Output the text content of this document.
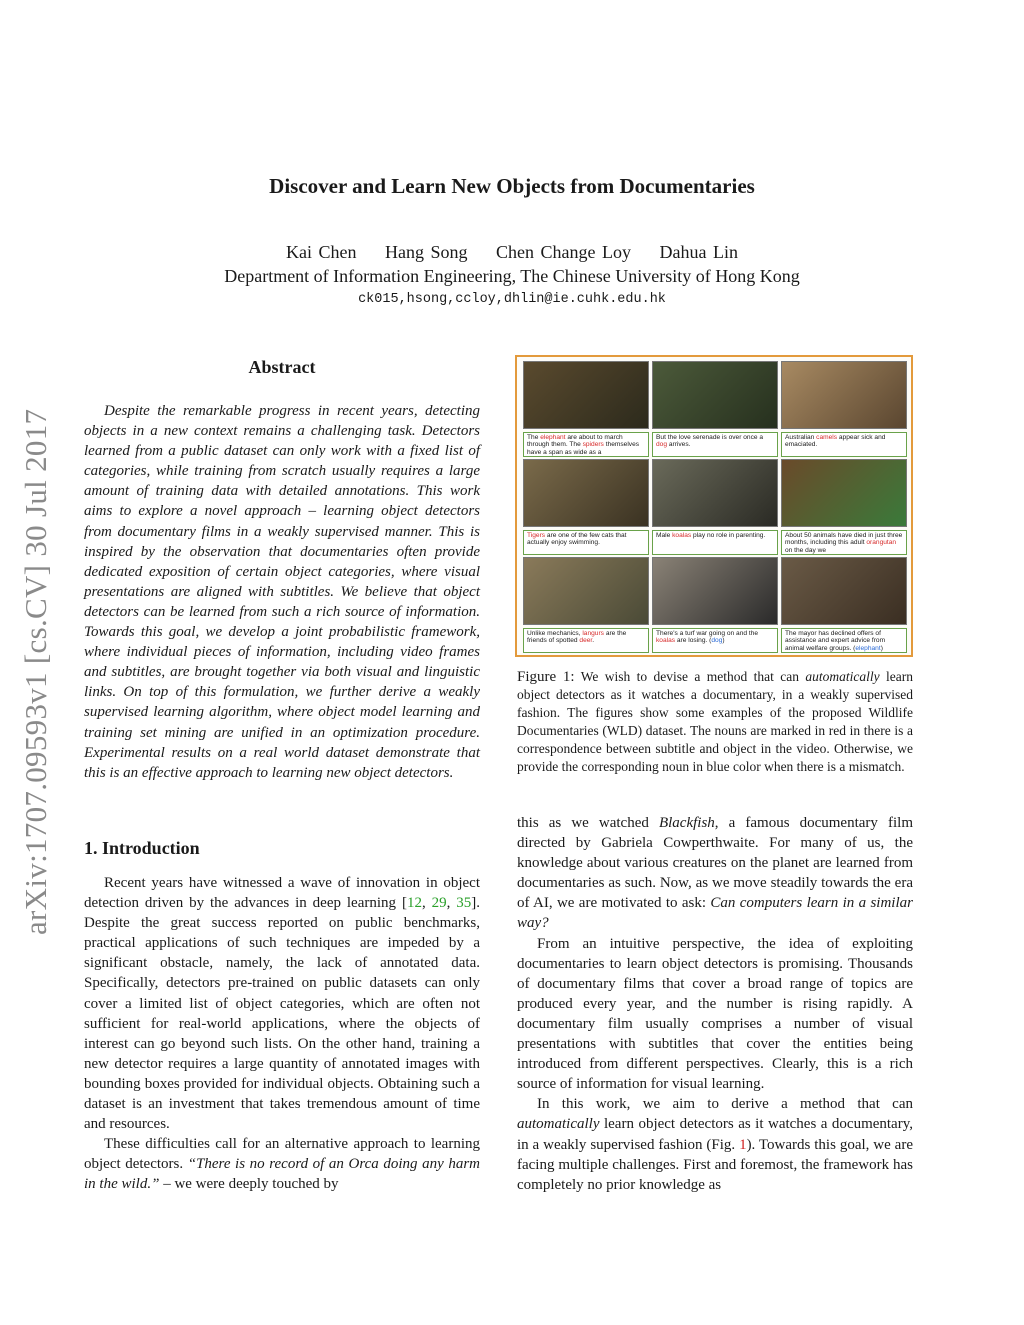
arXiv:1707.09593v1 [cs.CV] 30 Jul 2017
Discover and Learn New Objects from Documentaries
Kai Chen Hang Song Chen Change Loy Dahua Lin
Department of Information Engineering, The Chinese University of Hong Kong
ck015,hsong,ccloy,dhlin@ie.cuhk.edu.hk
Abstract

Despite the remarkable progress in recent years, detecting objects in a new context remains a challenging task. Detectors learned from a public dataset can only work with a fixed list of categories, while training from scratch usually requires a large amount of training data with detailed annotations. This work aims to explore a novel approach – learning object detectors from documentary films in a weakly supervised manner. This is inspired by the observation that documentaries often provide dedicated exposition of certain object categories, where visual presentations are aligned with subtitles. We believe that object detectors can be learned from such a rich source of information. Towards this goal, we develop a joint probabilistic framework, where individual pieces of information, including video frames and subtitles, are brought together via both visual and linguistic links. On top of this formulation, we further derive a weakly supervised learning algorithm, where object model learning and training set mining are unified in an optimization procedure. Experimental results on a real world dataset demonstrate that this is an effective approach to learning new object detectors.

1. Introduction

Recent years have witnessed a wave of innovation in object detection driven by the advances in deep learning [12, 29, 35]. Despite the great success reported on public benchmarks, practical applications of such techniques are impeded by a significant obstacle, namely, the lack of annotated data. Specifically, detectors pre-trained on public datasets can only cover a limited list of object categories, which are often not sufficient for real-world applications, where the objects of interest can go beyond such lists. On the other hand, training a new detector requires a large quantity of annotated images with bounding boxes provided for individual objects. Obtaining such a dataset is an investment that takes tremendous amount of time and resources.

These difficulties call for an alternative approach to learning object detectors. “There is no record of an Orca doing any harm in the wild.” – we were deeply touched by

The elephant are about to march through them. The spiders themselves have a span as wide as a
But the love serenade is over once a dog arrives.
Australian camels appear sick and emaciated.
Tigers are one of the few cats that actually enjoy swimming.
Male koalas play no role in parenting.	About 50 animals have died in just three months, including this adult orangutan on the day we
Unlike mechanics, langurs are the friends of spotted deer.
There's a turf war going on and the koalas are losing. (dog)
The mayor has declined offers of assistance and expert advice from animal welfare groups. (elephant)

Figure 1: We wish to devise a method that can automatically learn object detectors as it watches a documentary, in a weakly supervised fashion. The figures show some examples of the proposed Wildlife Documentaries (WLD) dataset. The nouns are marked in red in there is a correspondence between subtitle and object in the video. Otherwise, we provide the corresponding noun in blue color when there is a mismatch.

this as we watched Blackfish, a famous documentary film directed by Gabriela Cowperthwaite. For many of us, the knowledge about various creatures on the planet are learned from documentaries as such. Now, as we move steadily towards the era of AI, we are motivated to ask: Can computers learn in a similar way?

From an intuitive perspective, the idea of exploiting documentaries to learn object detectors is promising. Thousands of documentary films that cover a broad range of topics are produced every year, and the number is rising rapidly. A documentary film usually comprises a number of visual presentations with subtitles that cover the entities being introduced from different perspectives. Clearly, this is a rich source of information for visual learning.

In this work, we aim to derive a method that can automatically learn object detectors as it watches a documentary, in a weakly supervised fashion (Fig. 1). Towards this goal, we are facing multiple challenges. First and foremost, the framework has completely no prior knowledge as
